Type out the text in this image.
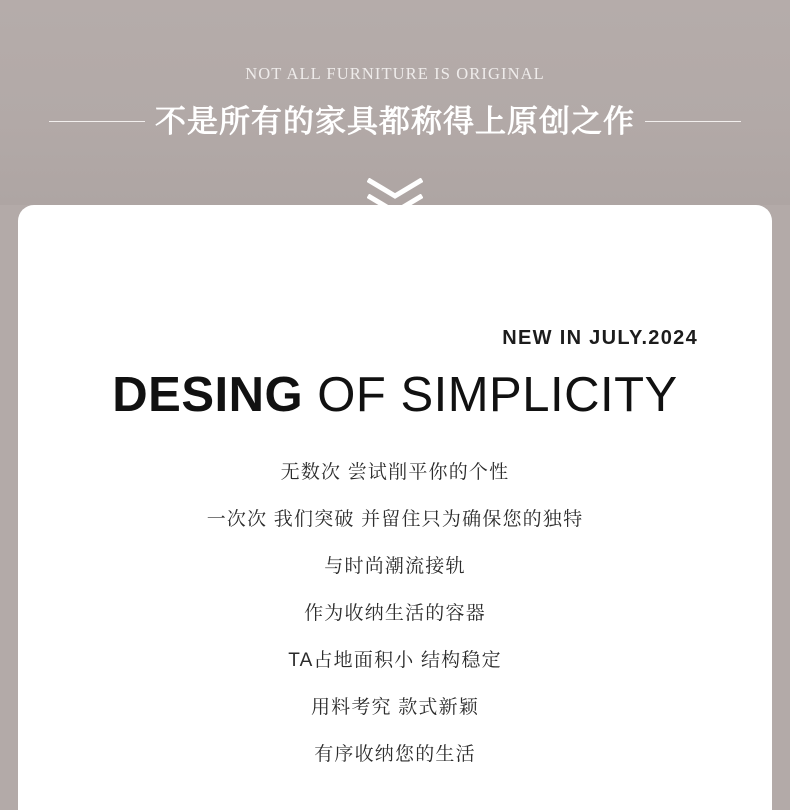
NOT ALL FURNITURE IS ORIGINAL
不是所有的家具都称得上原创之作
NEW IN JULY.2024
DESING OF SIMPLICITY
无数次 尝试削平你的个性
一次次 我们突破 并留住只为确保您的独特
与时尚潮流接轨
作为收纳生活的容器
TA占地面积小 结构稳定
用料考究 款式新颖
有序收纳您的生活
